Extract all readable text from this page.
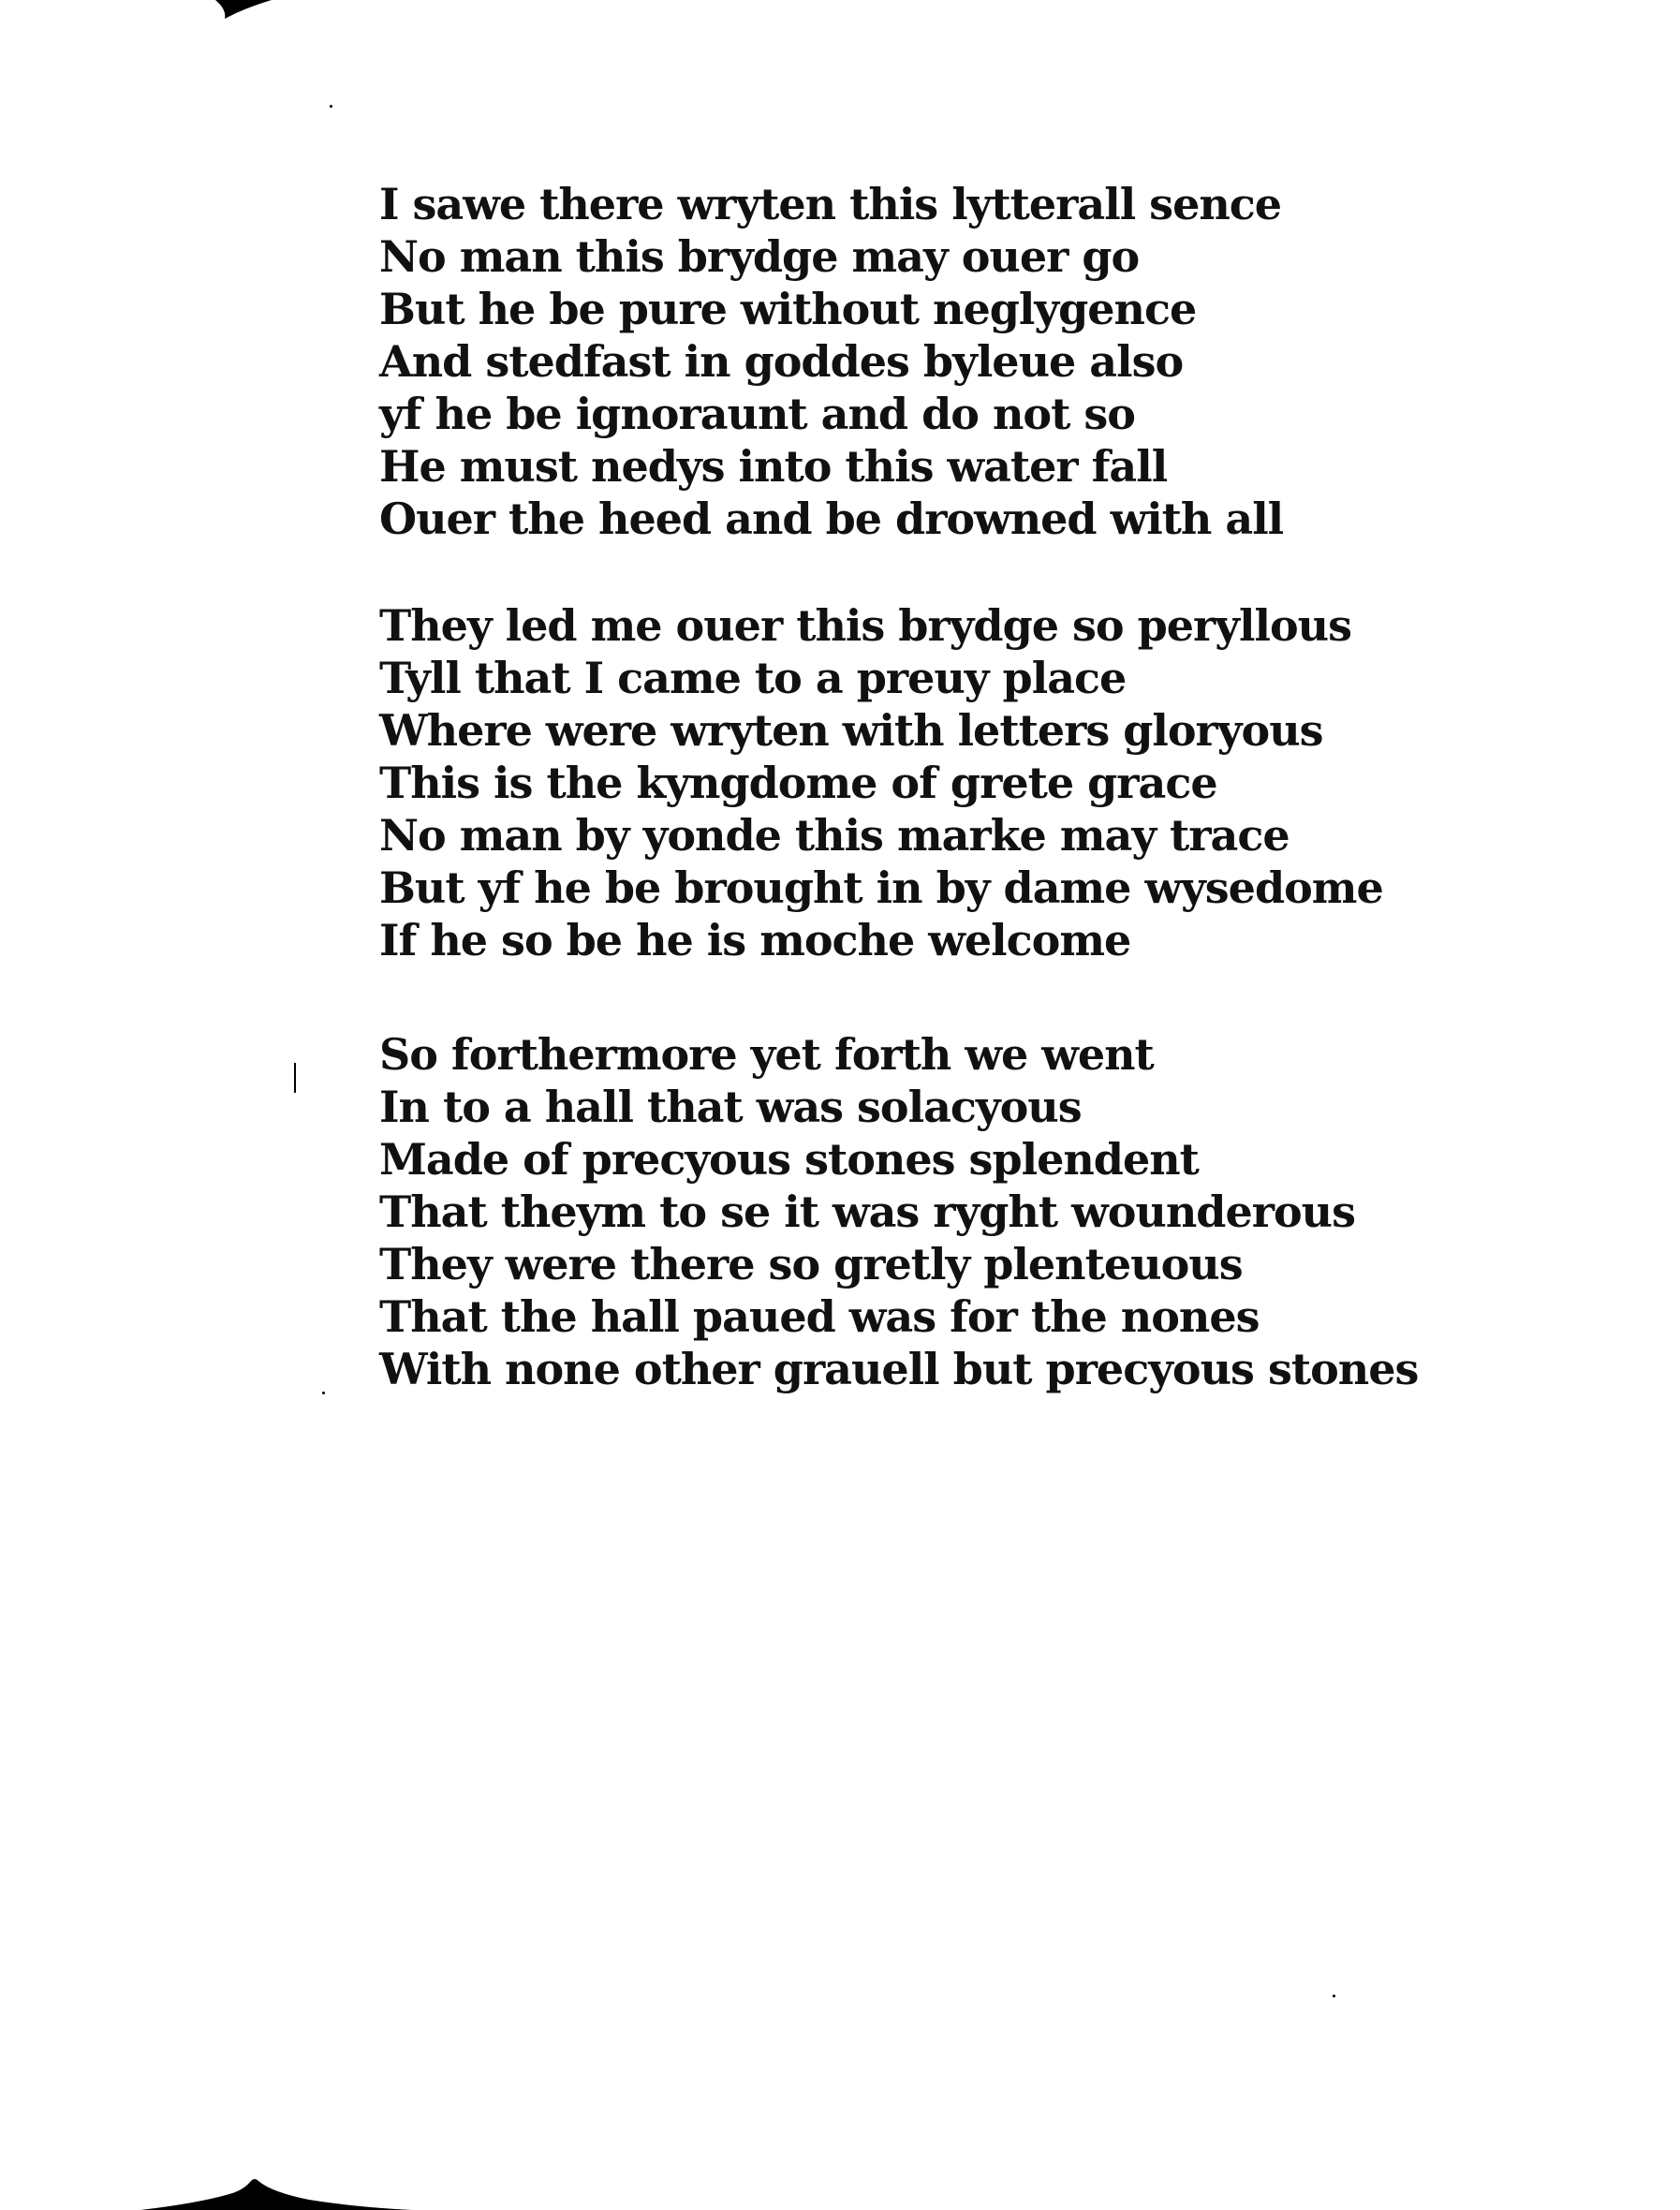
I sawe there wryten this lytterall sence
No man this brydge may ouer go
But he be pure without neglygence
And stedfast in goddes byleue also
yf he be ignoraunt and do not so
He must nedys into this water fall
Ouer the heed and be drowned with all
They led me ouer this brydge so peryllous
Tyll that I came to a preuy place
Where were wryten with letters gloryous
This is the kyngdome of grete grace
No man by yonde this marke may trace
But yf he be brought in by dame wysedome
If he so be he is moche welcome
So forthermore yet forth we went
In to a hall that was solacyous
Made of precyous stones splendent
That theym to se it was ryght wounderous
They were there so gretly plenteuous
That the hall paued was for the nones
With none other grauell but precyous stones
